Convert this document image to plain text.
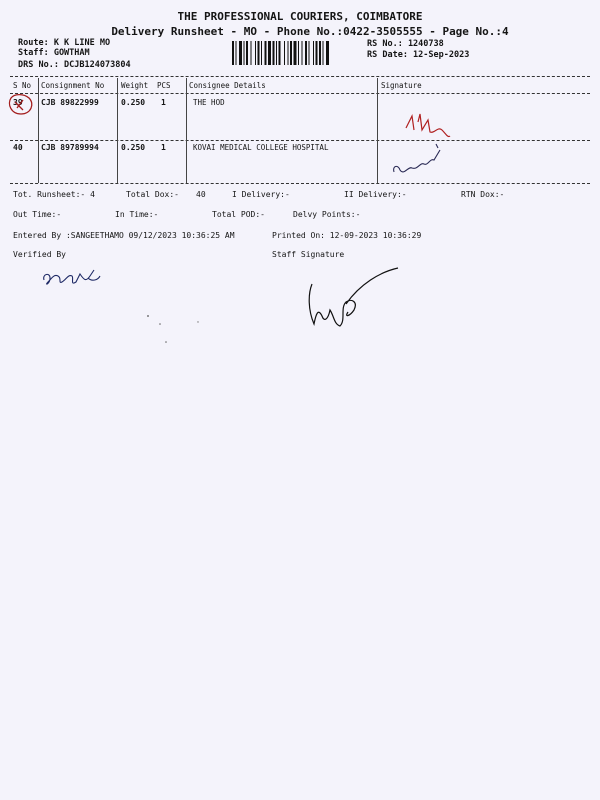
THE PROFESSIONAL COURIERS, COIMBATORE
Delivery Runsheet - MO - Phone No.:0422-3505555 - Page No.:4
Route: K K LINE MO
Staff: GOWTHAM
DRS No.: DCJB124073804
RS No.: 1240738
RS Date: 12-Sep-2023
S No Consignment No Weight PCS Consignee Details	Signature
39 CJB 89822999	0.250 1	THE HOD
40 CJB 89789994	0.250 1	KOVAI MEDICAL COLLEGE HOSPITAL
Tot. Runsheet:- 4	Total Dox:- 40	I Delivery:-	II Delivery:-	RTN Dox:-
Out Time:-	In Time:-	Total POD:-	Delvy Points:-
Entered By :SANGEETHAMO 09/12/2023 10:36:25 AM	Printed On: 12-09-2023 10:36:29
Verified By	Staff Signature
